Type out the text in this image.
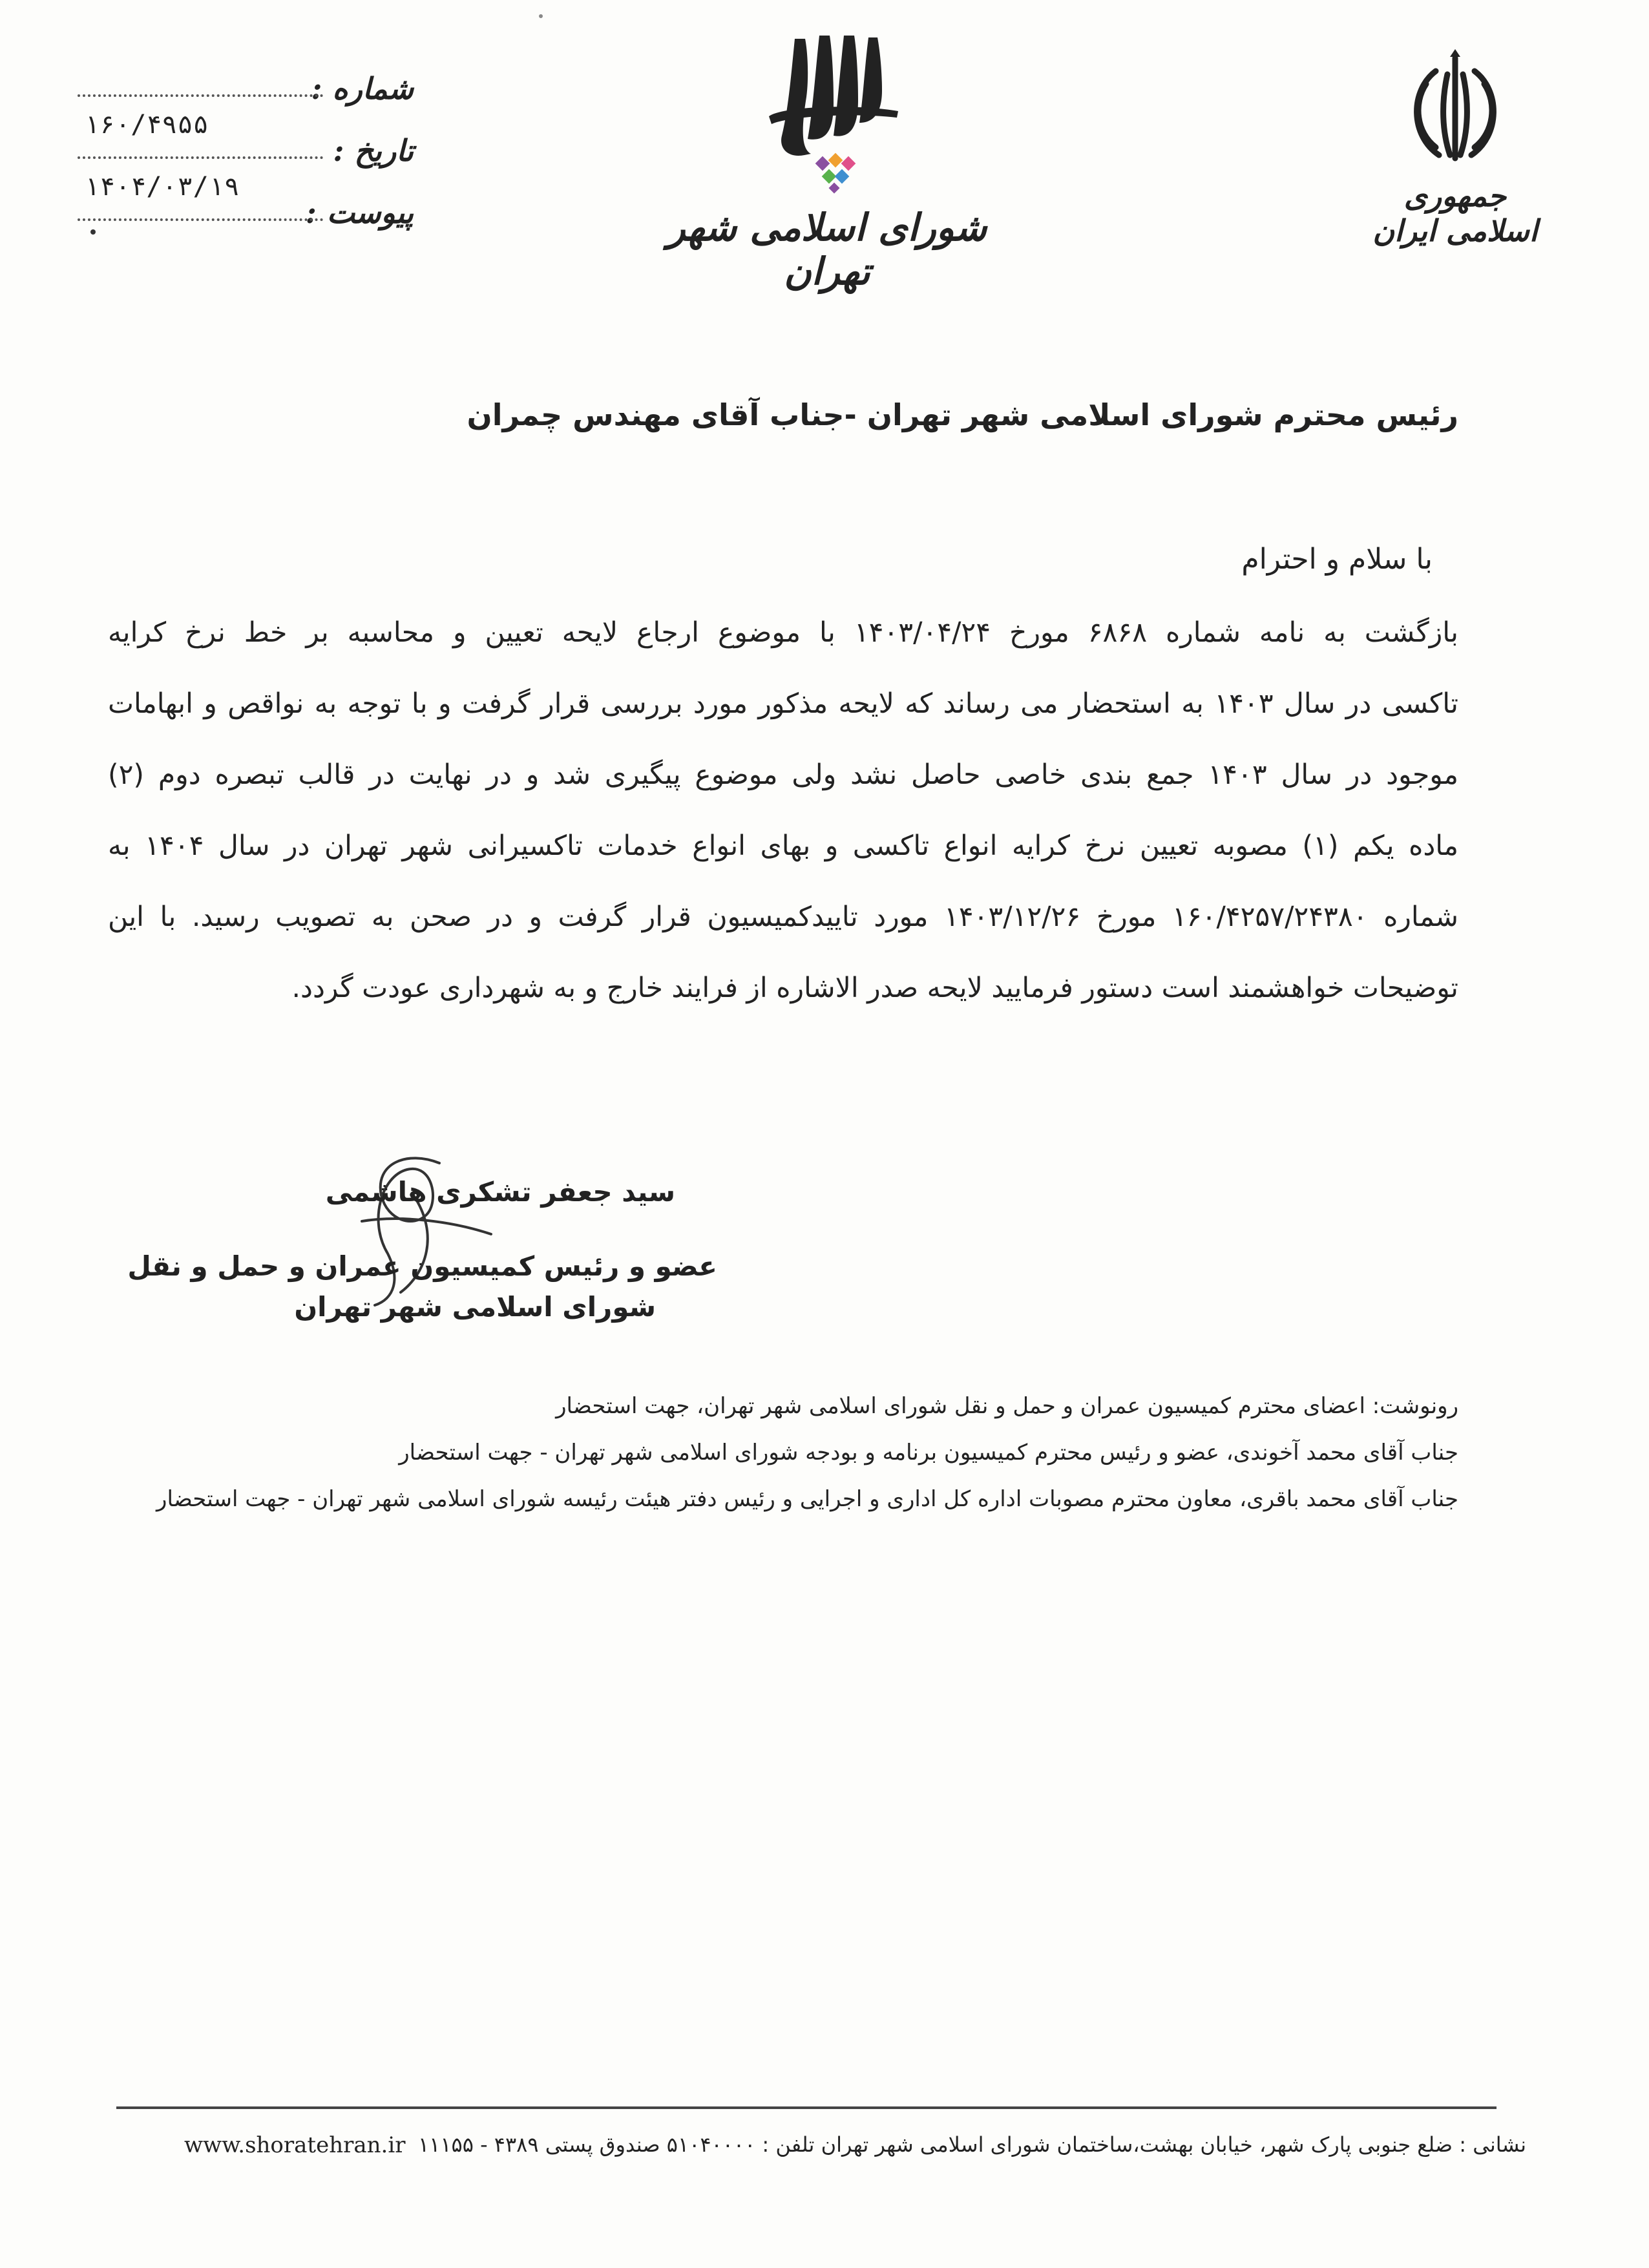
جمهوری اسلامی ایران
شورای اسلامی شهر تهران
شماره :
۱۶۰/۴۹۵۵
تاریخ :
۱۴۰۴/۰۳/۱۹
پیوست :
رئیس محترم شورای اسلامی شهر تهران -جناب آقای مهندس چمران
با سلام و احترام
بازگشت به نامه شماره ۶۸۶۸ مورخ ۱۴۰۳/۰۴/۲۴ با موضوع ارجاع لایحه تعیین و محاسبه بر خط نرخ کرایه
تاکسی در سال ۱۴۰۳ به استحضار می رساند که لایحه مذکور مورد بررسی قرار گرفت و با توجه به نواقص و ابهامات
موجود در سال ۱۴۰۳ جمع بندی خاصی حاصل نشد ولی موضوع پیگیری شد و در نهایت در قالب تبصره دوم (۲)
ماده یکم (۱) مصوبه تعیین نرخ کرایه انواع تاکسی و بهای انواع خدمات تاکسیرانی شهر تهران در سال ۱۴۰۴ به
شماره ۱۶۰/۴۲۵۷/۲۴۳۸۰ مورخ ۱۴۰۳/۱۲/۲۶ مورد تاییدکمیسیون قرار گرفت و در صحن به تصویب رسید. با این
توضیحات خواهشمند است دستور فرمایید لایحه صدر الاشاره از فرایند خارج و به شهرداری عودت گردد.
سید جعفر تشکری هاشمی
عضو و رئیس کمیسیون عمران و حمل و نقل
شورای اسلامی شهر تهران
رونوشت: اعضای محترم کمیسیون عمران و حمل و نقل شورای اسلامی شهر تهران، جهت استحضار
جناب آقای محمد آخوندی، عضو و رئیس محترم کمیسیون برنامه و بودجه شورای اسلامی شهر تهران - جهت استحضار
جناب آقای محمد باقری، معاون محترم مصوبات اداره کل اداری و اجرایی و رئیس دفتر هیئت رئیسه شورای اسلامی شهر تهران - جهت استحضار
نشانی : ضلع جنوبی پارک شهر، خیابان بهشت،ساختمان شورای اسلامی شهر تهران تلفن : ۵۱۰۴۰۰۰۰ صندوق پستی ۴۳۸۹ - ۱۱۱۵۵
www.shoratehran.ir
